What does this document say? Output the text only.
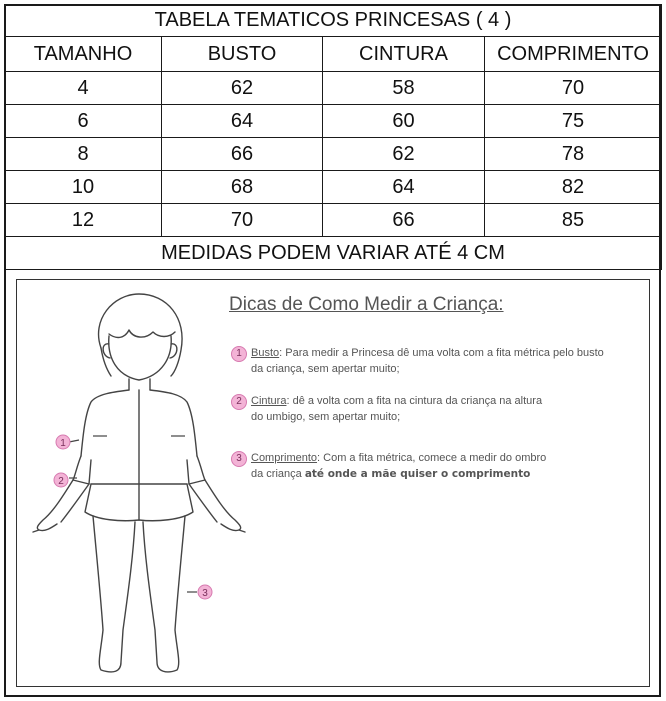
TABELA TEMATICOS PRINCESAS ( 4 )			
TAMANHO	BUSTO	CINTURA	COMPRIMENTO
4	62	58	70
6	64	60	75
8	66	62	78
10	68	64	82
12	70	66	85
MEDIDAS PODEM VARIAR ATÉ 4 CM			
1
2
3
Dicas de Como Medir a Criança:
1 Busto: Para medir a Princesa dê uma volta com a fita métrica pelo busto
da criança, sem apertar muito;
2 Cintura: dê a volta com a fita na cintura da criança na altura
do umbigo, sem apertar muito;
3 Comprimento: Com a fita métrica, comece a medir do ombro
da criança até onde a mãe quiser o comprimento
